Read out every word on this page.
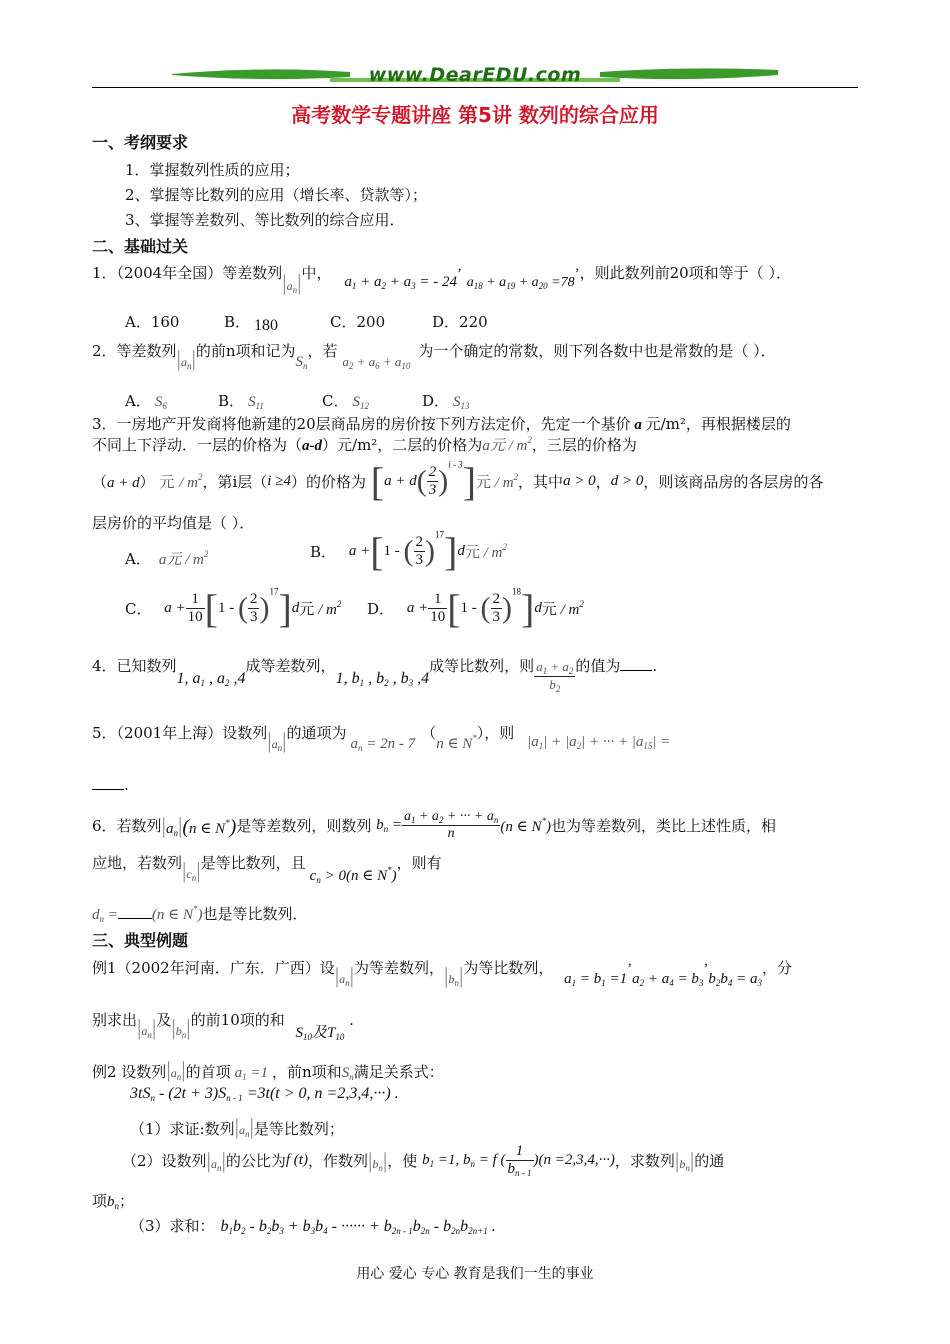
www.DearEDU.com
高考数学专题讲座 第5讲 数列的综合应用
一、考纲要求
1．掌握数列性质的应用；
2、掌握等比数列的应用（增长率、贷款等）；
3、掌握等差数列、等比数列的综合应用．
二、基础过关
1．（2004年全国）等差数列$_{|a_n|}$中， $a_1 + a_2 + a_3$ = - 24’ $a_{18} + a_{19} + a_{20} =78$’，则此数列前20项和等于（ ）．
A．160	B． 180	C．200	D．220
2．等差数列$_{|a_n|}$的前n项和记为$S_n$，若 $a_2 + a_6 + a_{10}$为一个确定的常数，则下列各数中也是常数的是（ ）．
A． $S_6$	B． $S_{11}$	C． $S_{12}$	D． $S_{13}$
3．一房地产开发商将他新建的20层商品房的房价按下列方法定价，先定一个基价 a 元/m²，再根据楼层的
不同上下浮动．一层的价格为（a-d）元/m²，二层的价格为a元 / $m^2$，三层的价格为
（a + d） 元 / $m^2$，第i层（i ≥4）的价格为 $[a + d( \frac{2}{3} )^{i - 3}]$元 / $m^2$，其中a > 0，d > 0，则该商品房的各层房的各
层房价的平均值是（ ）．
A． a元 / $m^2$	B． a +[1 - ( $\frac{2}{3} )^{17}]d$元 / $m^2$
C． $a + \frac{1}{10} [1$ - ( $\frac{2}{3} )^{17}]d$元 / $m^2$ D． $a + \frac{1}{10} [1$ - ( $\frac{2}{3} )^{18}]d$元 / $m^2$
4．已知数列1, $a_1$ , $a_2$ ,4成等差数列，1, $b_1$ , $b_2$ , $b_3$ ,4成等比数列，则 $\frac{a_1 + a_2}{b_2}$ 的值为 .
5．（2001年上海）设数列$_{|a_n|}$的通项为$a_n = 2n - 7(n$ ∈ N*），则 $|a_1| + |a_2|$ + ··· + $|a_{15}|$ =
.
6．若数列$|a_n|(n$ ∈ N*)是等差数列，则数列 $b_n = \frac{a_1 + a_2 + \cdot\cdot\cdot + a_n}{n} (n$ ∈ N*)也为等差数列，类比上述性质，相
应地，若数列$_{|c_n|}$是等比数列，且$c_n > 0(n$ ∈ N*)，则有
$d_n = (n$ ∈ N*)也是等比数列．
三、典型例题
例1（2002年河南．广东．广西）设$_{|a_n|}$为等差数列，$_{|b_n|}$为等比数列， $a_1 = b_1$ $=1’a_2 + a_4$ = $b_3’b_2b_4 = a_3$，分
别求出$_{|a_n|}$及$_{|b_n|}$的前10项的和 $S_{10}$及$T_{10}$ .
例2 设数列$|a_n|$的首项 $a_1 =1$ ，前n项和$S_n$满足关系式：
$3tS_n - (2t + 3)S_{n - 1} =3t(t > 0$, n =2,3,4,···) .
（1）求证:数列$|a_n|$是等比数列；
（2）设数列$|a_n|$的公比为f (t)，作数列$|b_n|$，使 $b_1 =1$, $b_n = f$ ( $\frac{1}{b_{n - 1}} )(n =2,3,4,\cdot\cdot\cdot)$，求数列$|b_n|$的通
项$b_n$；
（3）求和： $b_1b_2 - b_2b_3 + b_3b_4$ - ······ + $b_{2n - 1}b_{2n} - b_{2n}b_{2n+1}$ .
用心 爱心 专心 教育是我们一生的事业
